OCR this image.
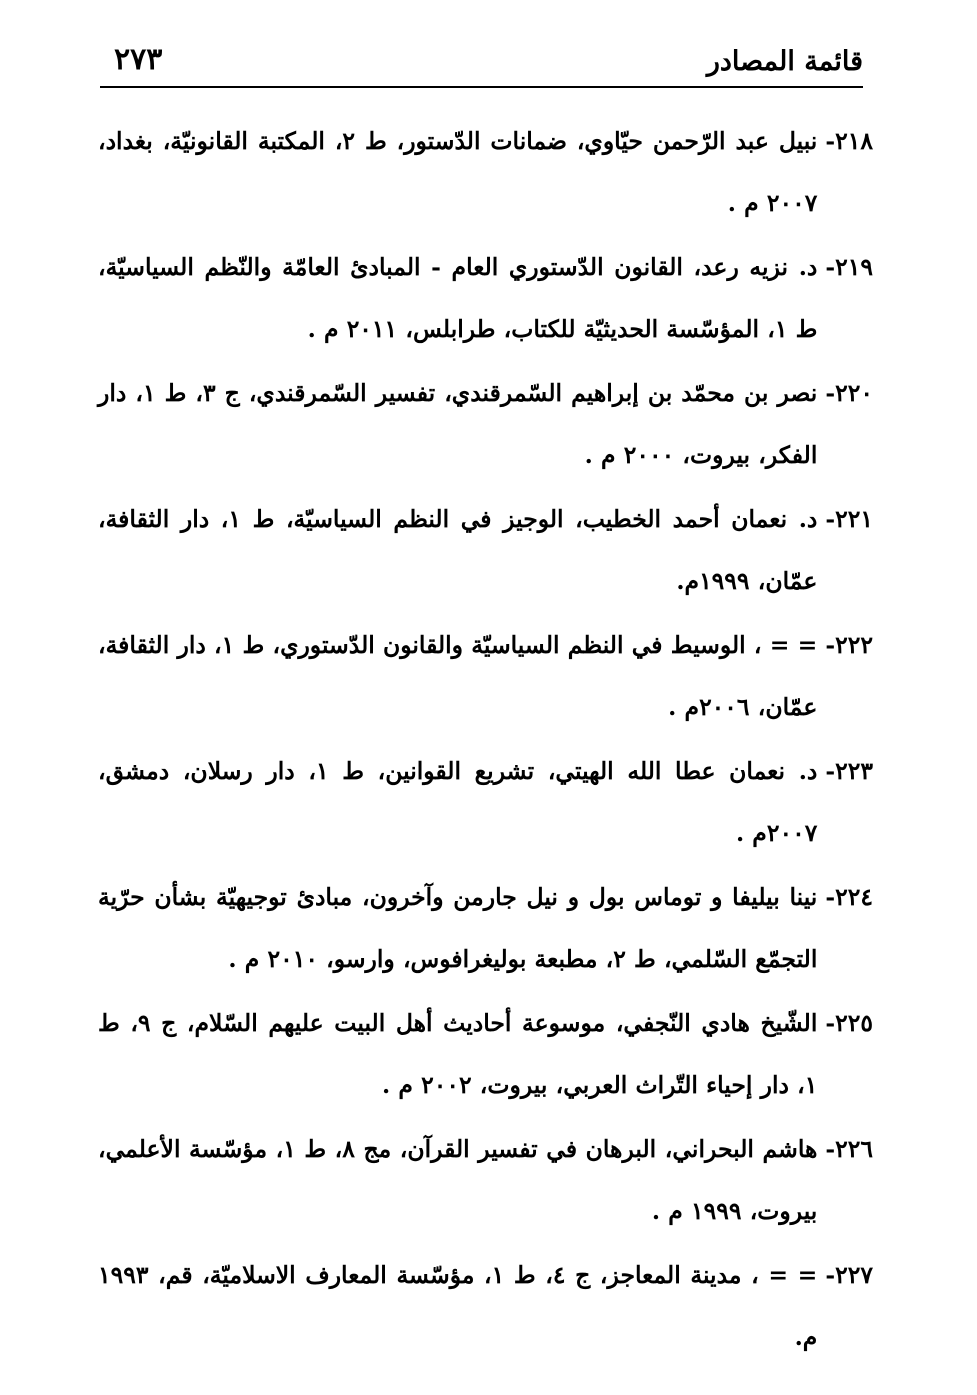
قائمة المصادر
٢٧٣
٢١٨-
نبيل عبد الرّحمن حيّاوي، ضمانات الدّستور، ط ٢، المكتبة القانونيّة، بغداد، ٢٠٠٧ م .
٢١٩-
د. نزيه رعد، القانون الدّستوري العام - المبادئ العامّة والنّظم السياسيّة، ط ١، المؤسّسة الحديثيّة للكتاب، طرابلس، ٢٠١١ م .
٢٢٠-
نصر بن محمّد بن إبراهيم السّمرقندي، تفسير السّمرقندي، ج ٣، ط ١، دار الفكر، بيروت، ٢٠٠٠ م .
٢٢١-
د. نعمان أحمد الخطيب، الوجيز في النظم السياسيّة، ط ١، دار الثقافة، عمّان، ١٩٩٩م.
٢٢٢-
= = ، الوسيط في النظم السياسيّة والقانون الدّستوري، ط ١، دار الثقافة، عمّان، ٢٠٠٦م .
٢٢٣-
د. نعمان عطا الله الهيتي، تشريع القوانين، ط ١، دار رسلان، دمشق، ٢٠٠٧م .
٢٢٤-
نينا بيليفا و توماس بول و نيل جارمن وآخرون، مبادئ توجيهيّة بشأن حرّية التجمّع السّلمي، ط ٢، مطبعة بوليغرافوس، وارسو، ٢٠١٠ م .
٢٢٥-
الشّيخ هادي النّجفي، موسوعة أحاديث أهل البيت عليهم السّلام، ج ٩، ط ١، دار إحياء التّراث العربي، بيروت، ٢٠٠٢ م .
٢٢٦-
هاشم البحراني، البرهان في تفسير القرآن، مج ٨، ط ١، مؤسّسة الأعلمي، بيروت، ١٩٩٩ م .
٢٢٧-
= = ، مدينة المعاجز، ج ٤، ط ١، مؤسّسة المعارف الاسلاميّة، قم، ١٩٩٣ م.
